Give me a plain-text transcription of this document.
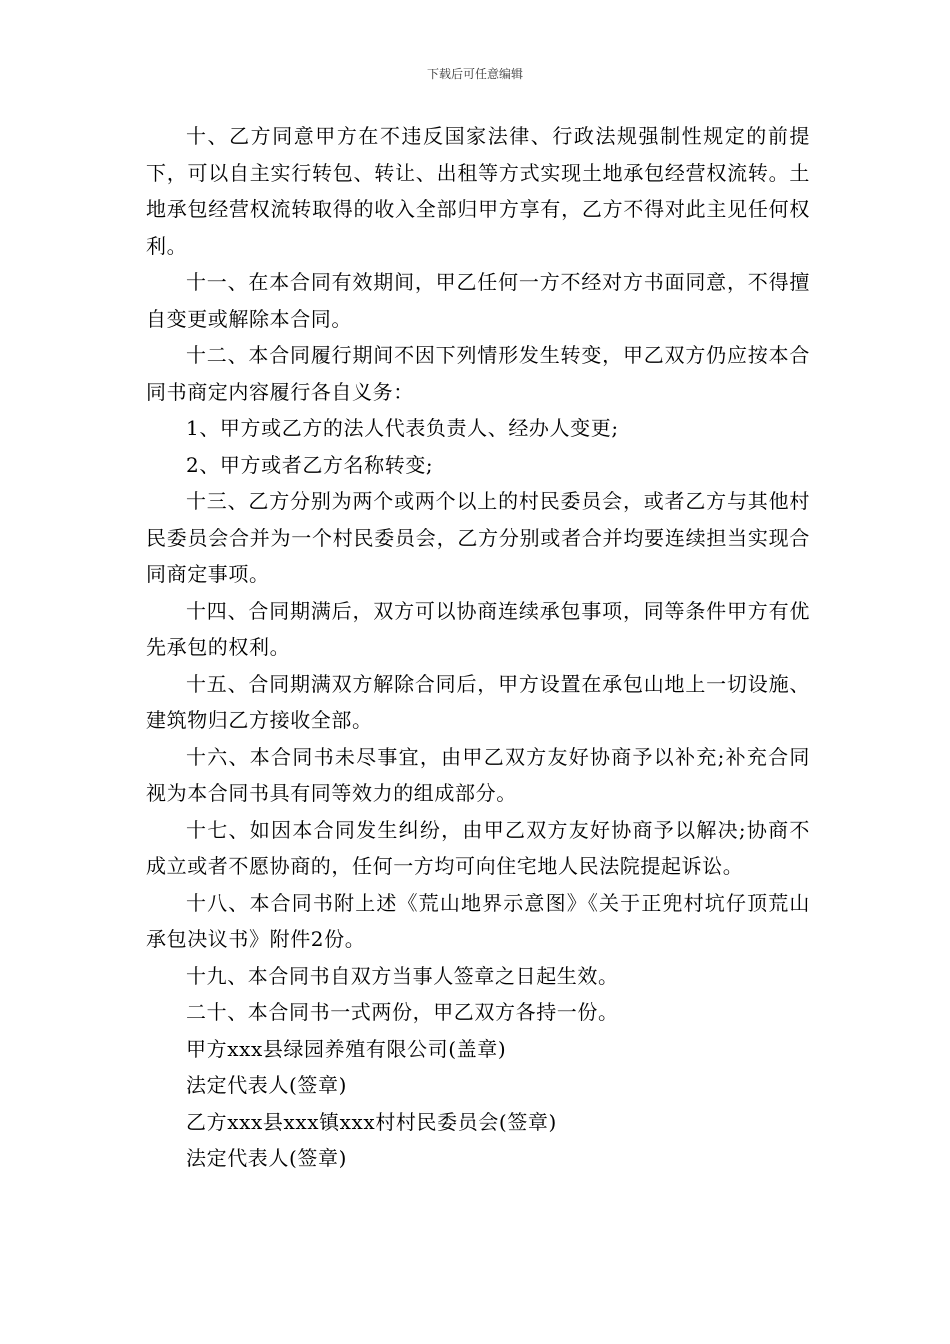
下载后可任意编辑

十、乙方同意甲方在不违反国家法律、行政法规强制性规定的前提下，可以自主实行转包、转让、出租等方式实现土地承包经营权流转。土地承包经营权流转取得的收入全部归甲方享有，乙方不得对此主见任何权利。

十一、在本合同有效期间，甲乙任何一方不经对方书面同意，不得擅自变更或解除本合同。

十二、本合同履行期间不因下列情形发生转变，甲乙双方仍应按本合同书商定内容履行各自义务：

1、甲方或乙方的法人代表负责人、经办人变更;

2、甲方或者乙方名称转变;

十三、乙方分别为两个或两个以上的村民委员会，或者乙方与其他村民委员会合并为一个村民委员会，乙方分别或者合并均要连续担当实现合同商定事项。

十四、合同期满后，双方可以协商连续承包事项，同等条件甲方有优先承包的权利。

十五、合同期满双方解除合同后，甲方设置在承包山地上一切设施、建筑物归乙方接收全部。

十六、本合同书未尽事宜，由甲乙双方友好协商予以补充;补充合同视为本合同书具有同等效力的组成部分。

十七、如因本合同发生纠纷，由甲乙双方友好协商予以解决;协商不成立或者不愿协商的，任何一方均可向住宅地人民法院提起诉讼。

十八、本合同书附上述《荒山地界示意图》《关于正兜村坑仔顶荒山承包决议书》附件2份。

十九、本合同书自双方当事人签章之日起生效。

二十、本合同书一式两份，甲乙双方各持一份。

甲方xxx县绿园养殖有限公司(盖章)

法定代表人(签章)

乙方xxx县xxx镇xxx村村民委员会(签章)

法定代表人(签章)
